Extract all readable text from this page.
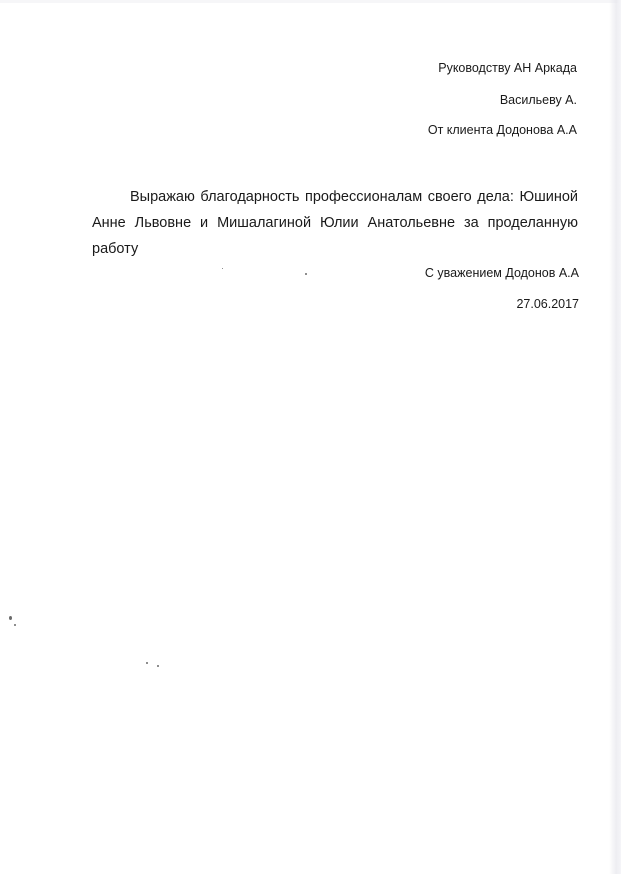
Руководству АН Аркада
Васильеву А.
От клиента Додонова А.А

Выражаю благодарность профессионалам своего дела: Юшиной Анне Львовне и Мишалагиной Юлии Анатольевне за проделанную работу

С уважением Додонов А.А
27.06.2017
